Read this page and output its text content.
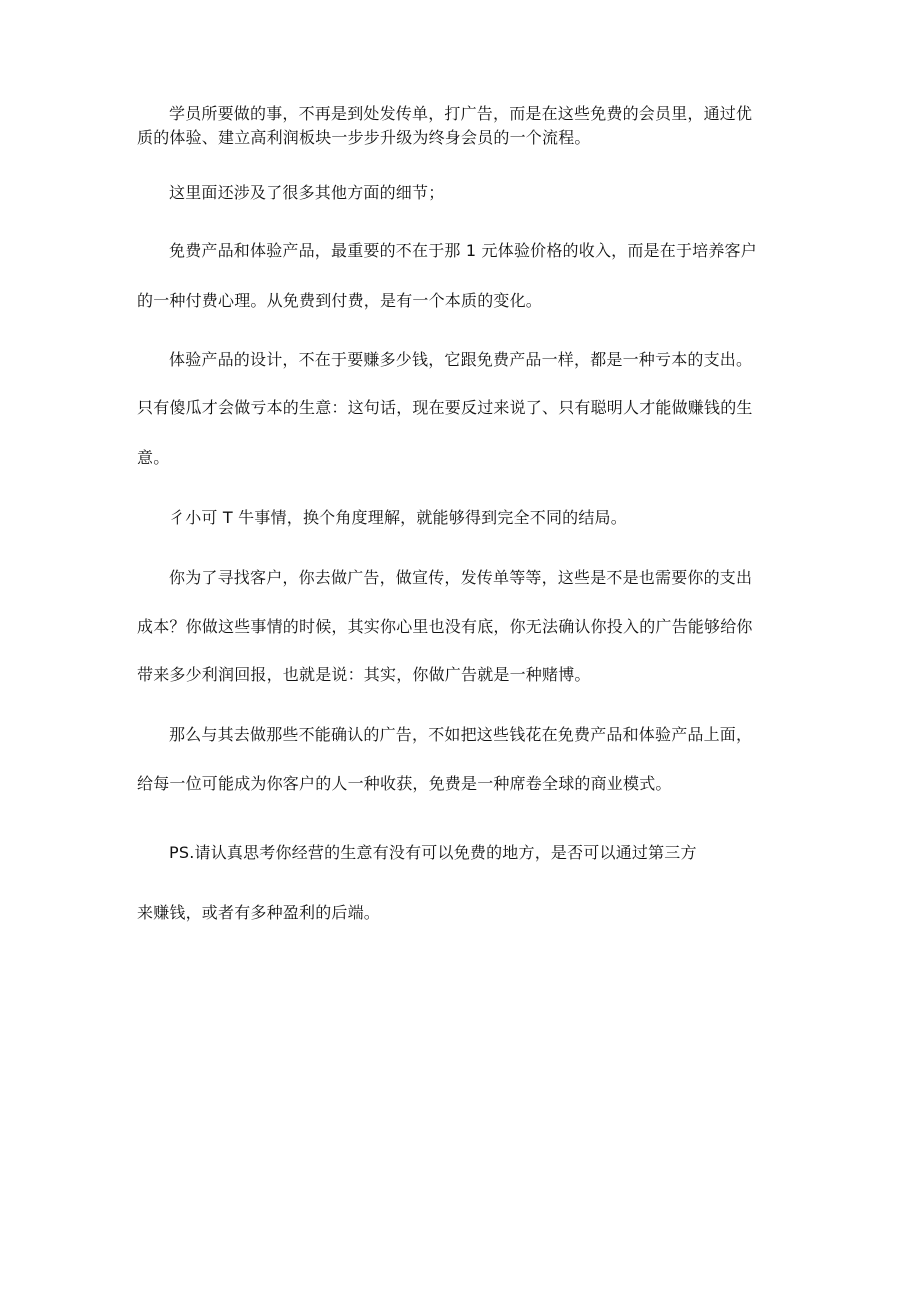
学员所要做的事，不再是到处发传单，打广告，而是在这些免费的会员里，通过优
质的体验、建立高利润板块一步步升级为终身会员的一个流程。
这里面还涉及了很多其他方面的细节；
免费产品和体验产品，最重要的不在于那 1 元体验价格的收入，而是在于培养客户
的一种付费心理。从免费到付费，是有一个本质的变化。
体验产品的设计，不在于要赚多少钱，它跟免费产品一样，都是一种亏本的支出。
只有傻瓜才会做亏本的生意：这句话，现在要反过来说了、只有聪明人才能做赚钱的生
意。
彳小可 T 牛事情，换个角度理解，就能够得到完全不同的结局。
你为了寻找客户，你去做广告，做宣传，发传单等等，这些是不是也需要你的支出
成本？你做这些事情的时候，其实你心里也没有底，你无法确认你投入的广告能够给你
带来多少利润回报，也就是说：其实，你做广告就是一种赌博。
那么与其去做那些不能确认的广告，不如把这些钱花在免费产品和体验产品上面，
给每一位可能成为你客户的人一种收获，免费是一种席卷全球的商业模式。
PS.请认真思考你经营的生意有没有可以免费的地方，是否可以通过第三方
来赚钱，或者有多种盈利的后端。
